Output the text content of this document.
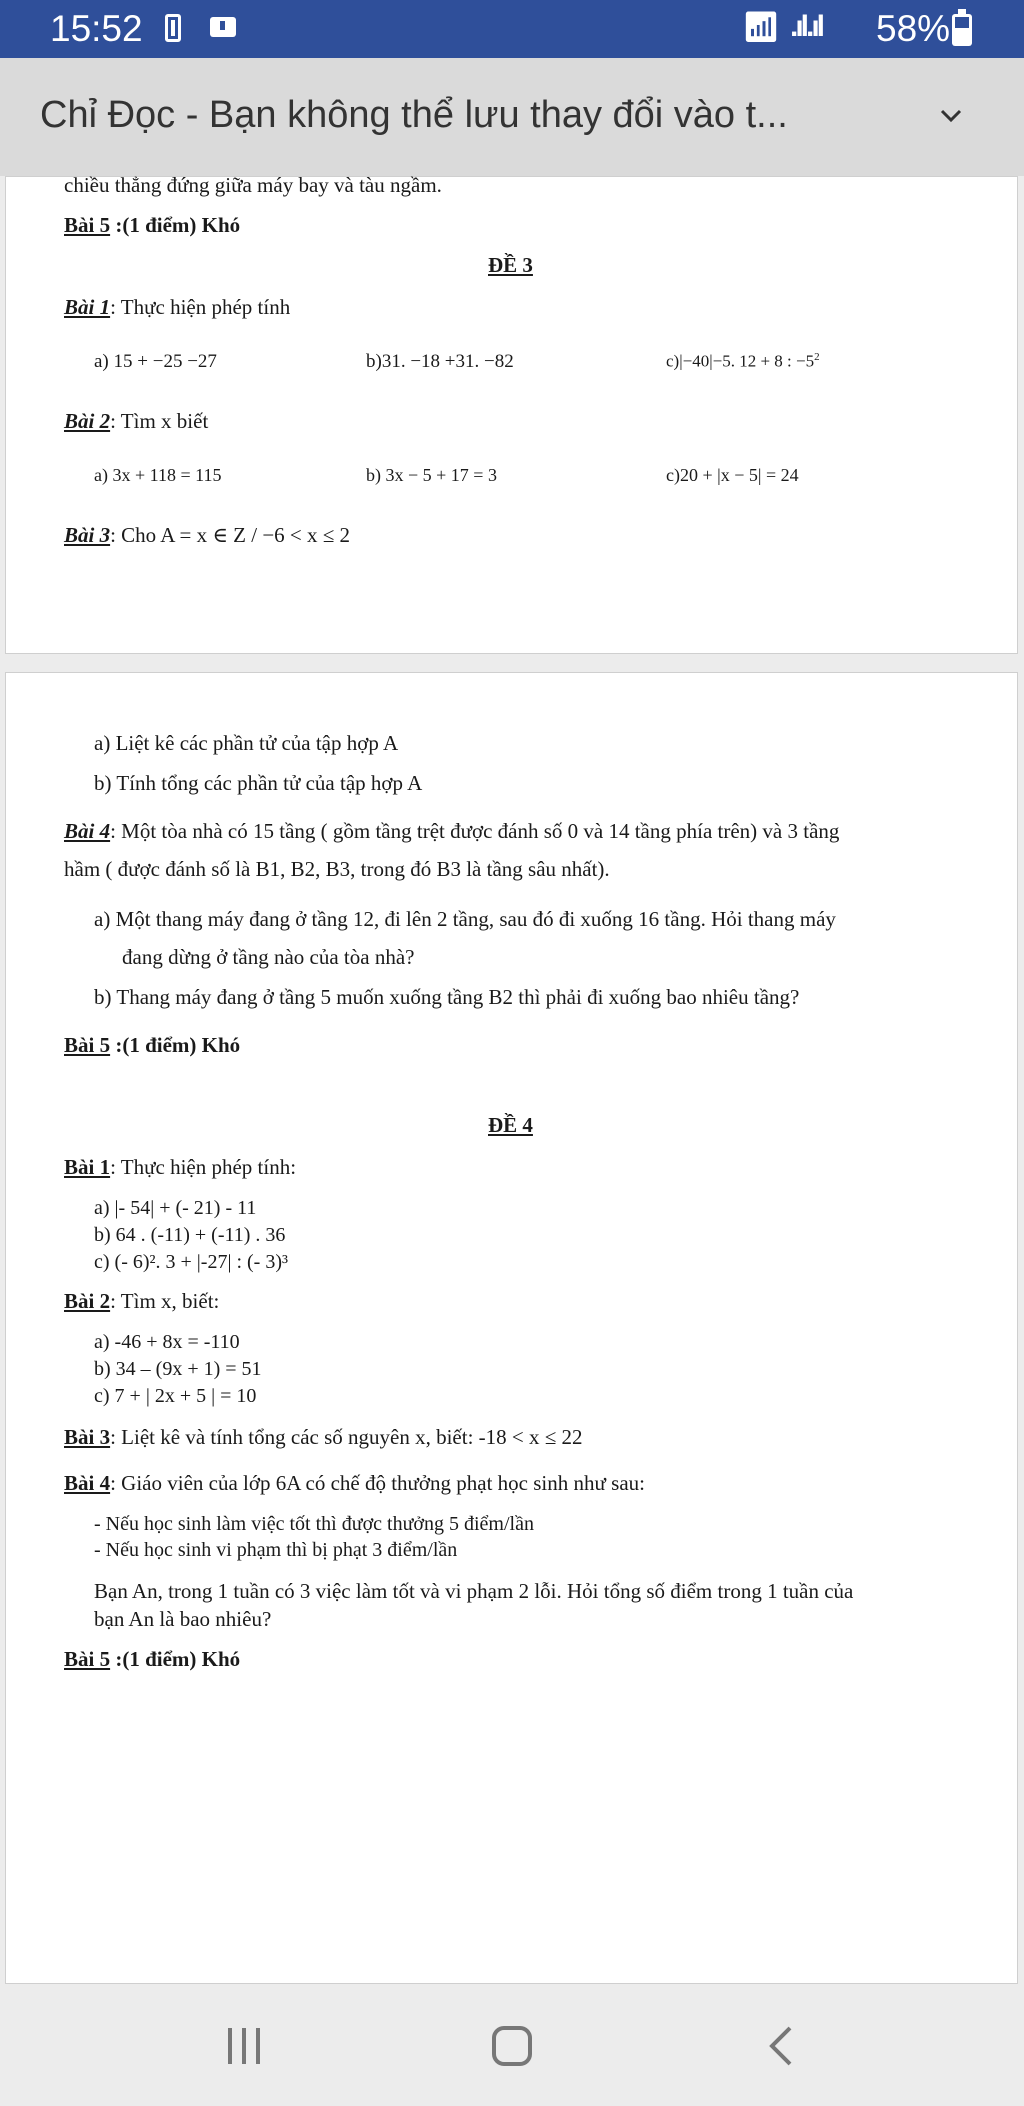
15:52	📶︎ .ıl.ıl 58%
Chỉ Đọc - Bạn không thể lưu thay đổi vào t...
chiều thẳng đứng giữa máy bay và tàu ngầm.
Bài 5 :(1 điểm) Khó
ĐỀ 3
Bài 1: Thực hiện phép tính
a) 15 + −25 −27	b)31. −18 +31. −82	c)|−40|−5. 12 + 8 : $-5^2$
Bài 2: Tìm x biết
a) 3x + 118 = 115	b) 3x − 5 + 17 = 3	c)20 + |x − 5| = 24
Bài 3: Cho A = x ∈ Z / −6 < x ≤ 2
a) Liệt kê các phần tử của tập hợp A
b) Tính tổng các phần tử của tập hợp A
Bài 4: Một tòa nhà có 15 tầng ( gồm tầng trệt được đánh số 0 và 14 tầng phía trên) và 3 tầng
hầm ( được đánh số là B1, B2, B3, trong đó B3 là tầng sâu nhất).
a) Một thang máy đang ở tầng 12, đi lên 2 tầng, sau đó đi xuống 16 tầng. Hỏi thang máy
đang dừng ở tầng nào của tòa nhà?
b) Thang máy đang ở tầng 5 muốn xuống tầng B2 thì phải đi xuống bao nhiêu tầng?
Bài 5 :(1 điểm) Khó
ĐỀ 4
Bài 1: Thực hiện phép tính:
a) |- 54| + (- 21) - 11
b) 64 . (-11) + (-11) . 36
c) (- 6)². 3 + |-27| : (- 3)³
Bài 2: Tìm x, biết:
a) -46 + 8x = -110
b) 34 – (9x + 1) = 51
c) 7 + | 2x + 5 | = 10
Bài 3: Liệt kê và tính tổng các số nguyên x, biết: -18 < x ≤ 22
Bài 4: Giáo viên của lớp 6A có chế độ thưởng phạt học sinh như sau:
- Nếu học sinh làm việc tốt thì được thưởng 5 điểm/lần
- Nếu học sinh vi phạm thì bị phạt 3 điểm/lần
Bạn An, trong 1 tuần có 3 việc làm tốt và vi phạm 2 lỗi. Hỏi tổng số điểm trong 1 tuần của
bạn An là bao nhiêu?
Bài 5 :(1 điểm) Khó
